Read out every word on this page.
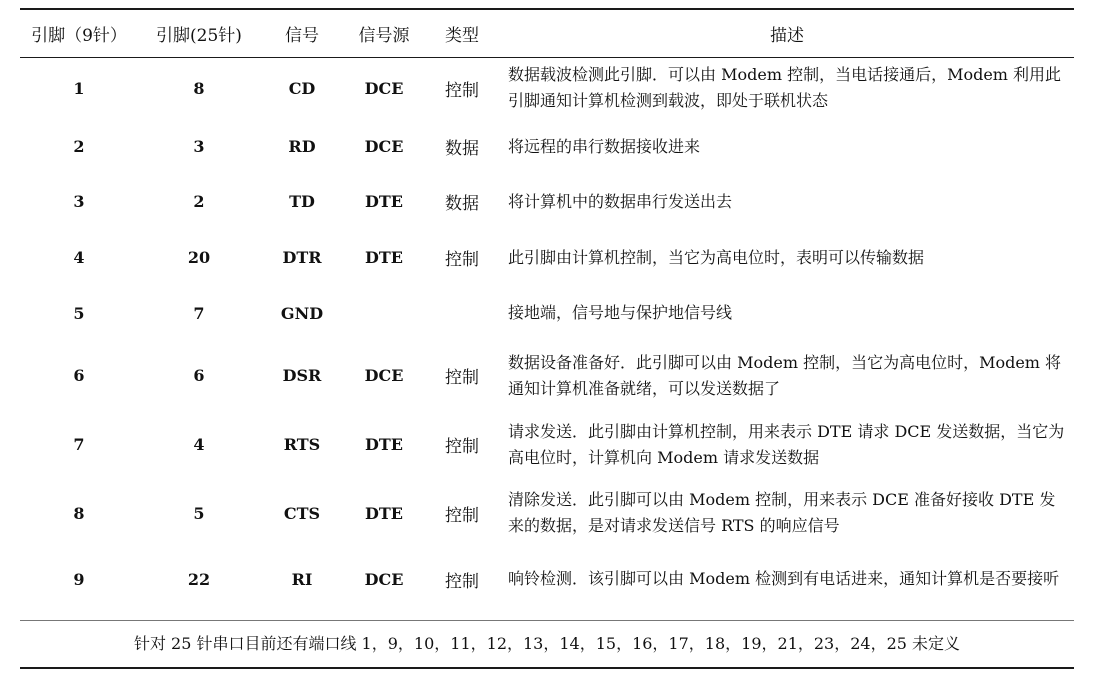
引脚（9针）	引脚(25针)	信号	信号源	类型	描述
1	8	CD	DCE	控制	数据载波检测此引脚．可以由 Modem 控制，当电话接通后，Modem 利用此引脚通知计算机检测到载波，即处于联机状态
2	3	RD	DCE	数据	将远程的串行数据接收进来
3	2	TD	DTE	数据	将计算机中的数据串行发送出去
4	20	DTR	DTE	控制	此引脚由计算机控制，当它为高电位时，表明可以传输数据
5	7	GND			接地端，信号地与保护地信号线
6	6	DSR	DCE	控制	数据设备准备好．此引脚可以由 Modem 控制，当它为高电位时，Modem 将通知计算机准备就绪，可以发送数据了
7	4	RTS	DTE	控制	请求发送．此引脚由计算机控制，用来表示 DTE 请求 DCE 发送数据，当它为高电位时，计算机向 Modem 请求发送数据
8	5	CTS	DTE	控制	清除发送．此引脚可以由 Modem 控制，用来表示 DCE 准备好接收 DTE 发来的数据，是对请求发送信号 RTS 的响应信号
9	22	RI	DCE	控制	响铃检测．该引脚可以由 Modem 检测到有电话进来，通知计算机是否要接听
针对 25 针串口目前还有端口线 1，9，10，11，12，13，14，15，16，17，18，19，21，23，24，25 未定义
